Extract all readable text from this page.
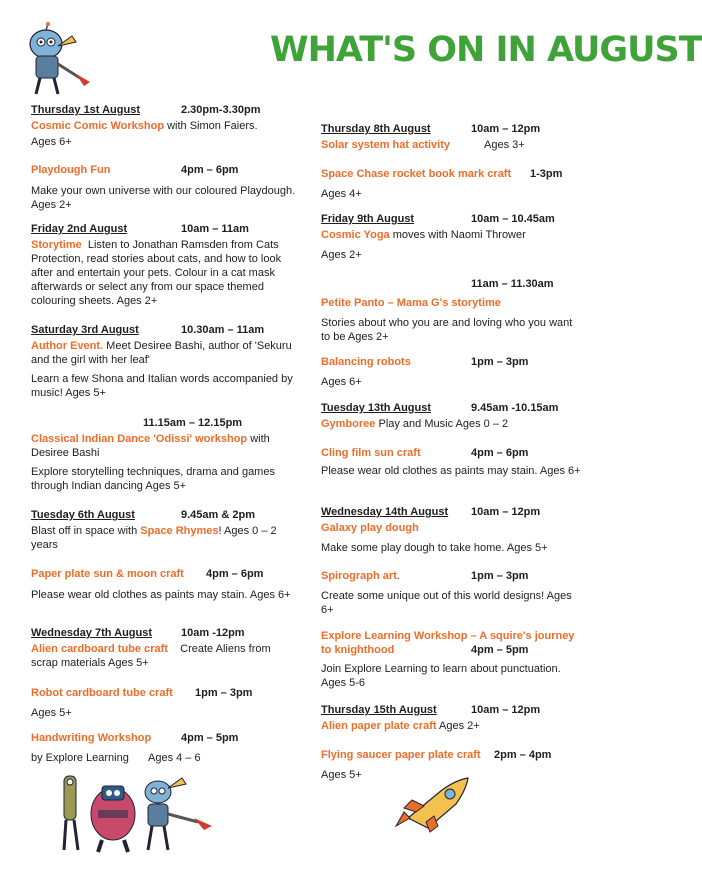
WHAT'S ON IN AUGUST
Thursday 1st August	2.30pm-3.30pm
Cosmic Comic Workshop with Simon Faiers.
Ages 6+
Playdough Fun	4pm – 6pm

Make your own universe with our coloured Playdough. Ages 2+

Friday 2nd August	10am – 11am

Storytime Listen to Jonathan Ramsden from Cats Protection, read stories about cats, and how to look after and entertain your pets. Colour in a cat mask afterwards or select any from our space themed colouring sheets. Ages 2+

Saturday 3rd August	10.30am – 11am

Author Event. Meet Desiree Bashi, author of 'Sekuru and the girl with her leaf'

Learn a few Shona and Italian words accompanied by music! Ages 5+

11.15am – 12.15pm

Classical Indian Dance 'Odissi' workshop with Desiree Bashi

Explore storytelling techniques, drama and games through Indian dancing Ages 5+

Tuesday 6th August	9.45am & 2pm

Blast off in space with Space Rhymes! Ages 0 – 2 years

Paper plate sun & moon craft 4pm – 6pm

Please wear old clothes as paints may stain. Ages 6+

Wednesday 7th August	10am -12pm

Alien cardboard tube craft Create Aliens from scrap materials Ages 5+

Robot cardboard tube craft 1pm – 3pm
Ages 5+
Handwriting Workshop	4pm – 5pm
by Explore Learning Ages 4 – 6
Thursday 8th August	10am – 12pm
Solar system hat activity	Ages 3+
Space Chase rocket book mark craft 1-3pm
Ages 4+
Friday 9th August	10am – 10.45am
Cosmic Yoga moves with Naomi Thrower
Ages 2+
11am – 11.30am
Petite Panto – Mama G's storytime

Stories about who you are and loving who you want to be Ages 2+

Balancing robots	1pm – 3pm
Ages 6+
Tuesday 13th August	9.45am -10.15am
Gymboree Play and Music Ages 0 – 2
Cling film sun craft	4pm – 6pm

Please wear old clothes as paints may stain. Ages 6+

Wednesday 14th August 10am – 12pm
Galaxy play dough
Make some play dough to take home. Ages 5+
Spirograph art.	1pm – 3pm

Create some unique out of this world designs! Ages 6+

Explore Learning Workshop – A squire's journey to knighthood	4pm – 5pm

Join Explore Learning to learn about punctuation. Ages 5-6

Thursday 15th August	10am – 12pm
Alien paper plate craft Ages 2+
Flying saucer paper plate craft 2pm – 4pm
Ages 5+
